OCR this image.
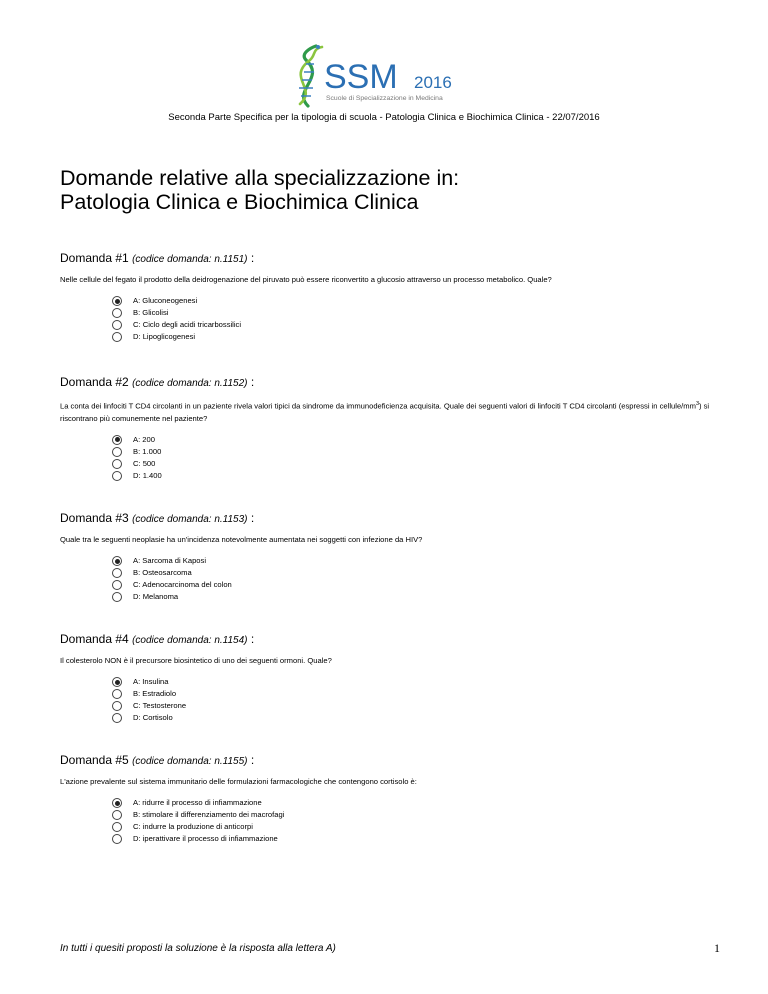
SSM 2016
Scuole di Specializzazione in Medicina
Seconda Parte Specifica per la tipologia di scuola - Patologia Clinica e Biochimica Clinica - 22/07/2016
Domande relative alla specializzazione in:
Patologia Clinica e Biochimica Clinica
Domanda #1 (codice domanda: n.1151) :

Nelle cellule del fegato il prodotto della deidrogenazione del piruvato può essere riconvertito a glucosio attraverso un processo metabolico. Quale?

A: Gluconeogenesi
B: Glicolisi
C: Ciclo degli acidi tricarbossilici
D: Lipoglicogenesi
Domanda #2 (codice domanda: n.1152) :

La conta dei linfociti T CD4 circolanti in un paziente rivela valori tipici da sindrome da immunodeficienza acquisita. Quale dei seguenti valori di linfociti T CD4 circolanti (espressi in cellule/$mm^3$) si riscontrano più comunemente nel paziente?

A: 200
B: 1.000
C: 500
D: 1.400
Domanda #3 (codice domanda: n.1153) :

Quale tra le seguenti neoplasie ha un'incidenza notevolmente aumentata nei soggetti con infezione da HIV?

A: Sarcoma di Kaposi
B: Osteosarcoma
C: Adenocarcinoma del colon
D: Melanoma
Domanda #4 (codice domanda: n.1154) :

Il colesterolo NON è il precursore biosintetico di uno dei seguenti ormoni. Quale?

A: Insulina
B: Estradiolo
C: Testosterone
D: Cortisolo
Domanda #5 (codice domanda: n.1155) :

L'azione prevalente sul sistema immunitario delle formulazioni farmacologiche che contengono cortisolo è:

A: ridurre il processo di infiammazione
B: stimolare il differenziamento dei macrofagi
C: indurre la produzione di anticorpi
D: iperattivare il processo di infiammazione
In tutti i quesiti proposti la soluzione è la risposta alla lettera A)	1
